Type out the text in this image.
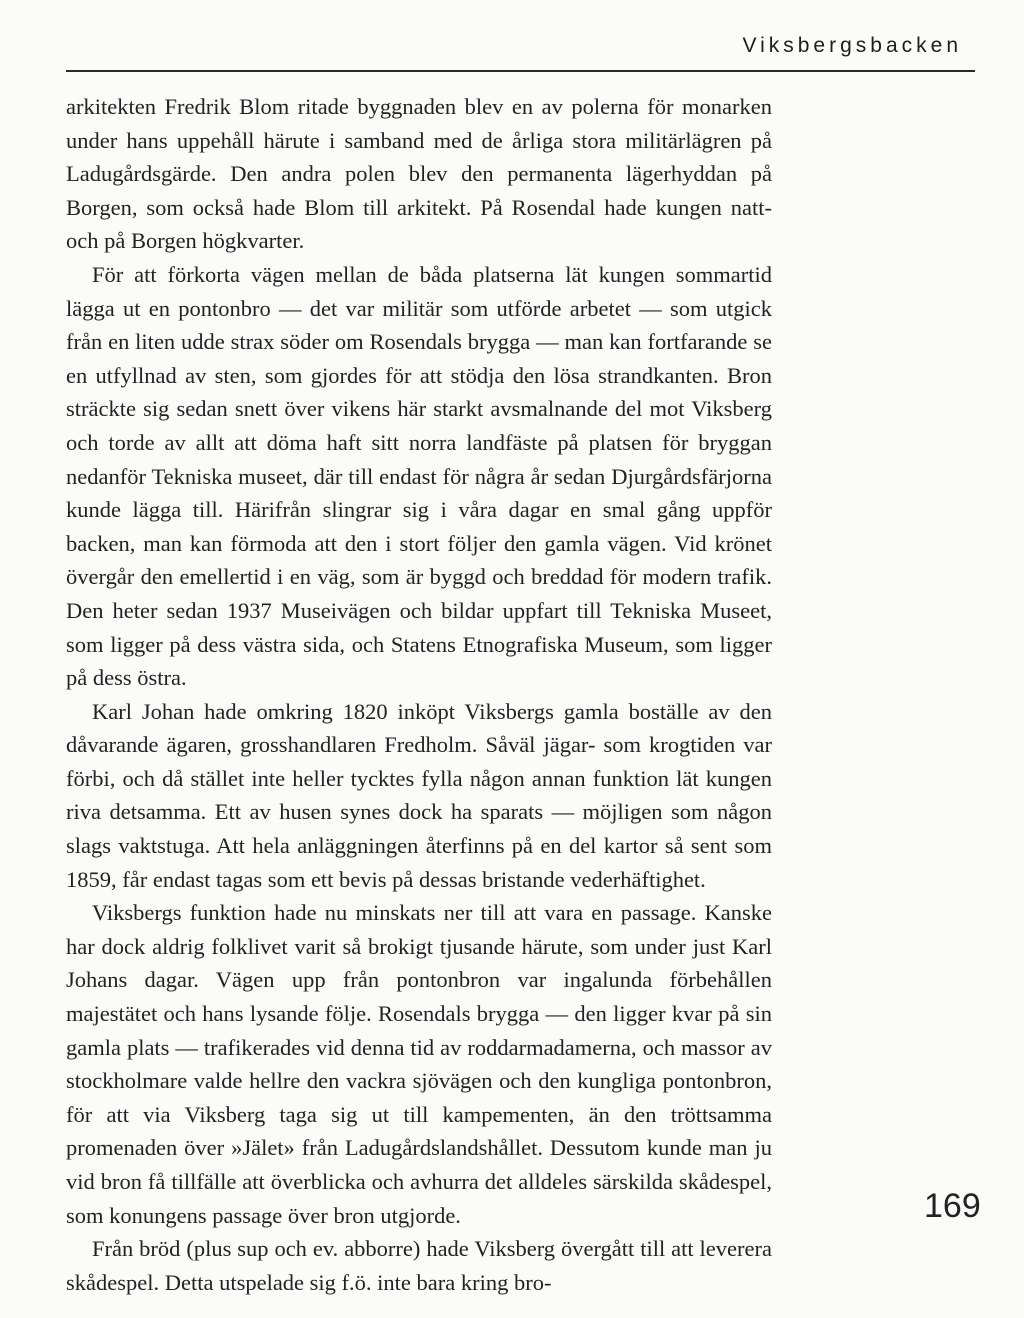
Viksbergsbacken

arkitekten Fredrik Blom ritade byggnaden blev en av polerna för monarken under hans uppehåll härute i samband med de årliga stora militärlägren på Ladugårdsgärde. Den andra polen blev den permanenta lägerhyddan på Borgen, som också hade Blom till arkitekt. På Rosendal hade kungen natt- och på Borgen högkvarter.

För att förkorta vägen mellan de båda platserna lät kungen sommartid lägga ut en pontonbro — det var militär som utförde arbetet — som utgick från en liten udde strax söder om Rosendals brygga — man kan fortfarande se en utfyllnad av sten, som gjordes för att stödja den lösa strandkanten. Bron sträckte sig sedan snett över vikens här starkt avsmalnande del mot Viksberg och torde av allt att döma haft sitt norra landfäste på platsen för bryggan nedanför Tekniska museet, där till endast för några år sedan Djurgårdsfärjorna kunde lägga till. Härifrån slingrar sig i våra dagar en smal gång uppför backen, man kan förmoda att den i stort följer den gamla vägen. Vid krönet övergår den emellertid i en väg, som är byggd och breddad för modern trafik. Den heter sedan 1937 Museivägen och bildar uppfart till Tekniska Museet, som ligger på dess västra sida, och Statens Etnografiska Museum, som ligger på dess östra.

Karl Johan hade omkring 1820 inköpt Viksbergs gamla boställe av den dåvarande ägaren, grosshandlaren Fredholm. Såväl jägar- som krogtiden var förbi, och då stället inte heller tycktes fylla någon annan funktion lät kungen riva detsamma. Ett av husen synes dock ha sparats — möjligen som någon slags vaktstuga. Att hela anläggningen återfinns på en del kartor så sent som 1859, får endast tagas som ett bevis på dessas bristande vederhäftighet.

Viksbergs funktion hade nu minskats ner till att vara en passage. Kanske har dock aldrig folklivet varit så brokigt tjusande härute, som under just Karl Johans dagar. Vägen upp från pontonbron var ingalunda förbehållen majestätet och hans lysande följe. Rosendals brygga — den ligger kvar på sin gamla plats — trafikerades vid denna tid av roddarmadamerna, och massor av stockholmare valde hellre den vackra sjövägen och den kungliga pontonbron, för att via Viksberg taga sig ut till kampementen, än den tröttsamma promenaden över »Jälet» från Ladugårdslandshållet. Dessutom kunde man ju vid bron få tillfälle att överblicka och avhurra det alldeles särskilda skådespel, som konungens passage över bron utgjorde.

Från bröd (plus sup och ev. abborre) hade Viksberg övergått till att leverera skådespel. Detta utspelade sig f.ö. inte bara kring bro-

169
